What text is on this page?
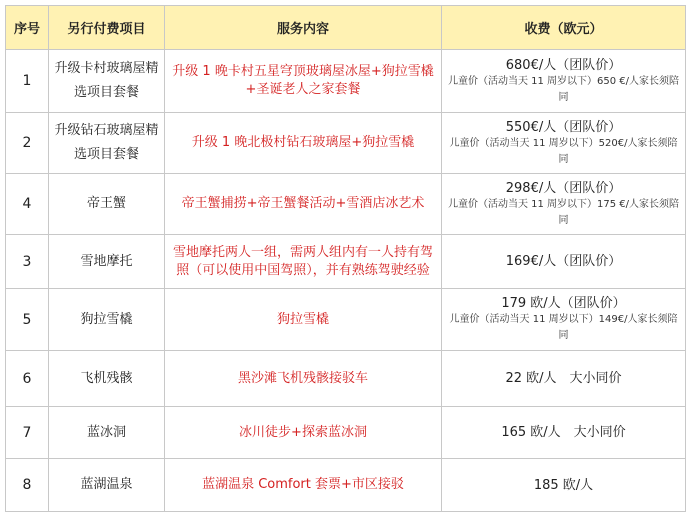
序号	另行付费项目	服务内容	收费（欧元）
1	升级卡村玻璃屋精选项目套餐	升级 1 晚卡村五星穹顶玻璃屋冰屋+狗拉雪橇+圣诞老人之家套餐	680€/人（团队价）
儿童价（活动当天 11 周岁以下）650 €/人家长须陪同

2	升级钻石玻璃屋精选项目套餐	升级 1 晚北极村钻石玻璃屋+狗拉雪橇	550€/人（团队价）
儿童价（活动当天 11 周岁以下）520€/人家长须陪同

4	帝王蟹	帝王蟹捕捞+帝王蟹餐活动+雪酒店冰艺术	298€/人（团队价）
儿童价（活动当天 11 周岁以下）175 €/人家长须陪同

3	雪地摩托	雪地摩托两人一组，需两人组内有一人持有驾照（可以使用中国驾照），并有熟练驾驶经验	169€/人（团队价）

5	狗拉雪橇	狗拉雪橇	179 欧/人（团队价）
儿童价（活动当天 11 周岁以下）149€/人家长须陪同

6	飞机残骸	黑沙滩飞机残骸接驳车	22 欧/人　大小同价

7	蓝冰洞	冰川徒步+探索蓝冰洞	165 欧/人　大小同价

8	蓝湖温泉	蓝湖温泉 Comfort 套票+市区接驳	185 欧/人
